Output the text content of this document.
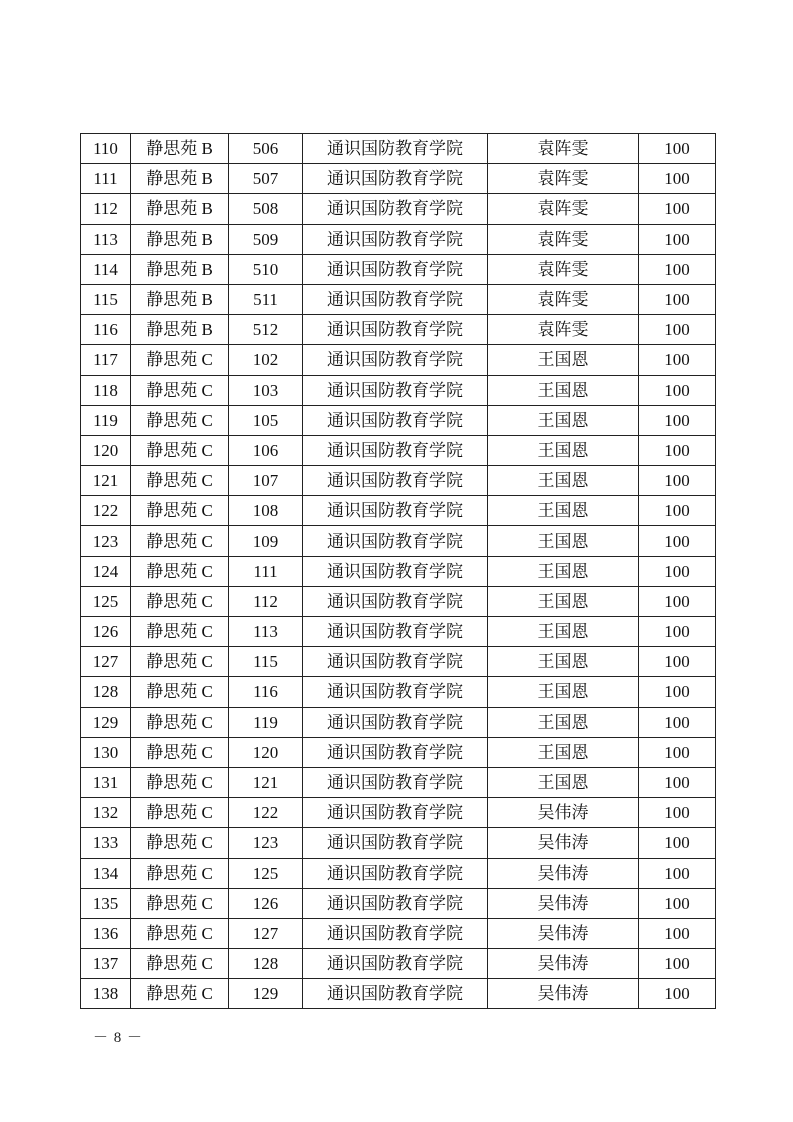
110	静思苑 B	506	通识国防教育学院	袁阵雯	100
111	静思苑 B	507	通识国防教育学院	袁阵雯	100
112	静思苑 B	508	通识国防教育学院	袁阵雯	100
113	静思苑 B	509	通识国防教育学院	袁阵雯	100
114	静思苑 B	510	通识国防教育学院	袁阵雯	100
115	静思苑 B	511	通识国防教育学院	袁阵雯	100
116	静思苑 B	512	通识国防教育学院	袁阵雯	100
117	静思苑 C	102	通识国防教育学院	王国恩	100
118	静思苑 C	103	通识国防教育学院	王国恩	100
119	静思苑 C	105	通识国防教育学院	王国恩	100
120	静思苑 C	106	通识国防教育学院	王国恩	100
121	静思苑 C	107	通识国防教育学院	王国恩	100
122	静思苑 C	108	通识国防教育学院	王国恩	100
123	静思苑 C	109	通识国防教育学院	王国恩	100
124	静思苑 C	111	通识国防教育学院	王国恩	100
125	静思苑 C	112	通识国防教育学院	王国恩	100
126	静思苑 C	113	通识国防教育学院	王国恩	100
127	静思苑 C	115	通识国防教育学院	王国恩	100
128	静思苑 C	116	通识国防教育学院	王国恩	100
129	静思苑 C	119	通识国防教育学院	王国恩	100
130	静思苑 C	120	通识国防教育学院	王国恩	100
131	静思苑 C	121	通识国防教育学院	王国恩	100
132	静思苑 C	122	通识国防教育学院	吴伟涛	100
133	静思苑 C	123	通识国防教育学院	吴伟涛	100
134	静思苑 C	125	通识国防教育学院	吴伟涛	100
135	静思苑 C	126	通识国防教育学院	吴伟涛	100
136	静思苑 C	127	通识国防教育学院	吴伟涛	100
137	静思苑 C	128	通识国防教育学院	吴伟涛	100
138	静思苑 C	129	通识国防教育学院	吴伟涛	100
－ 8 －
